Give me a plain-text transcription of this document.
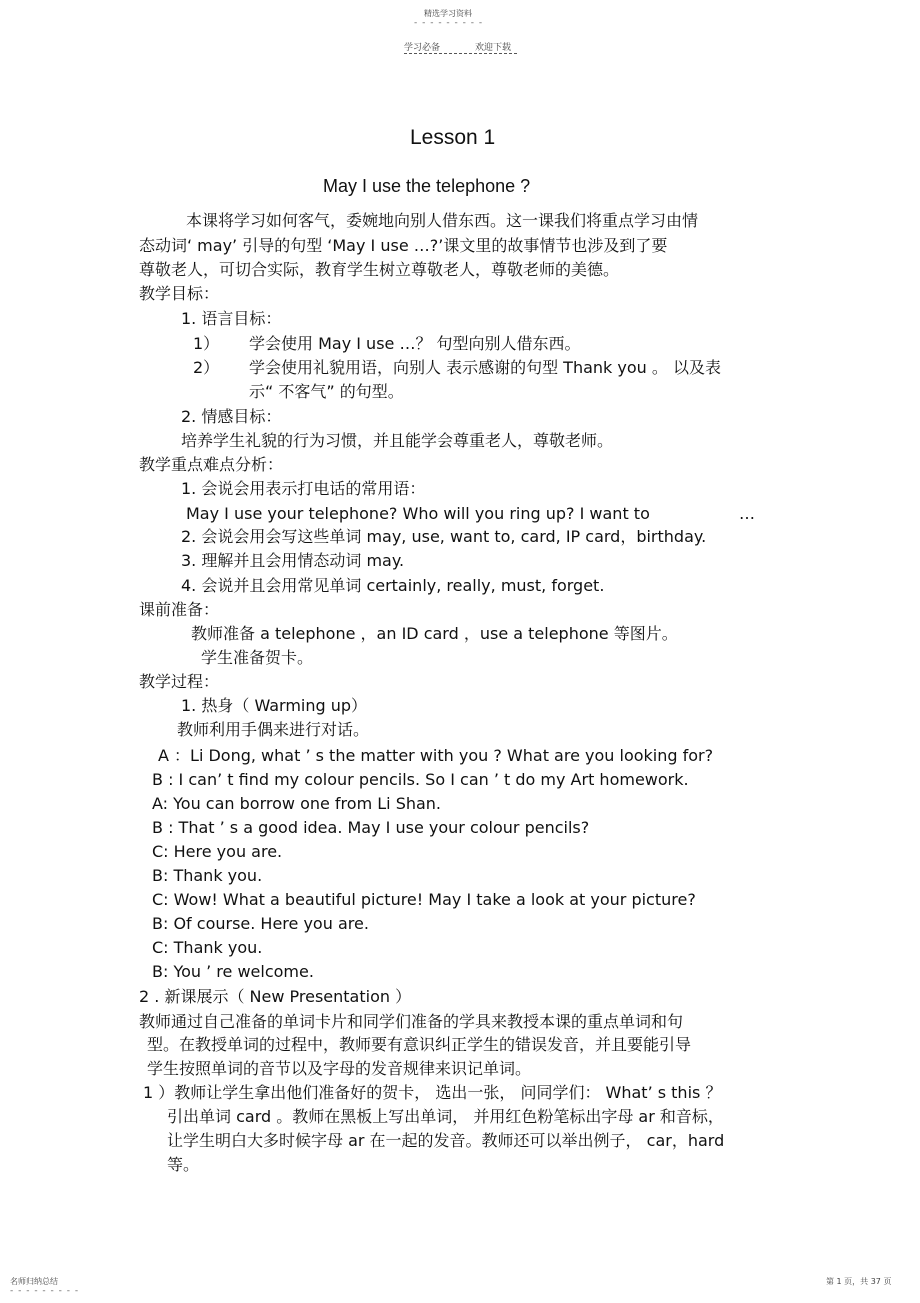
精选学习资料
- - - - - - - - -
学习必备	欢迎下载
Lesson 1
May I use the telephone ?
本课将学习如何客气，委婉地向别人借东西。这一课我们将重点学习由情
态动词‘ may’ 引导的句型 ‘May I use …?’课文里的故事情节也涉及到了要
尊敬老人，可切合实际，教育学生树立尊敬老人，尊敬老师的美德。
教学目标：
1. 语言目标：
1） 学会使用 May I use …？ 句型向别人借东西。
2） 学会使用礼貌用语，向别人 表示感谢的句型 Thank you 。 以及表
示“ 不客气” 的句型。
2. 情感目标：
培养学生礼貌的行为习惯，并且能学会尊重老人，尊敬老师。
教学重点难点分析：
1. 会说会用表示打电话的常用语：
May I use your telephone? Who will you ring up? I want to	…
2. 会说会用会写这些单词 may, use, want to, card, IP card，birthday.
3. 理解并且会用情态动词 may.
4. 会说并且会用常见单词 certainly, really, must, forget.
课前准备：
教师准备 a telephone ，an ID card ，use a telephone 等图片。
学生准备贺卡。
教学过程：
1. 热身（ Warming up）
教师利用手偶来进行对话。
A ：Li Dong, what ’ s the matter with you ? What are you looking for?
B : I can’ t find my colour pencils. So I can ’ t do my Art homework.
A: You can borrow one from Li Shan.
B : That ’ s a good idea. May I use your colour pencils?
C: Here you are.
B: Thank you.
C: Wow! What a beautiful picture! May I take a look at your picture?
B: Of course. Here you are.
C: Thank you.
B: You ’ re welcome.
2 . 新课展示（ New Presentation ）
教师通过自己准备的单词卡片和同学们准备的学具来教授本课的重点单词和句
型。在教授单词的过程中，教师要有意识纠正学生的错误发音，并且要能引导
学生按照单词的音节以及字母的发音规律来识记单词。
1 ）教师让学生拿出他们准备好的贺卡， 选出一张， 问同学们： What’ s this ？
引出单词 card 。教师在黑板上写出单词， 并用红色粉笔标出字母 ar 和音标，
让学生明白大多时候字母 ar 在一起的发音。教师还可以举出例子， car，hard
等。
名师归纳总结
- - - - - - - - -
第 1 页，共 37 页
